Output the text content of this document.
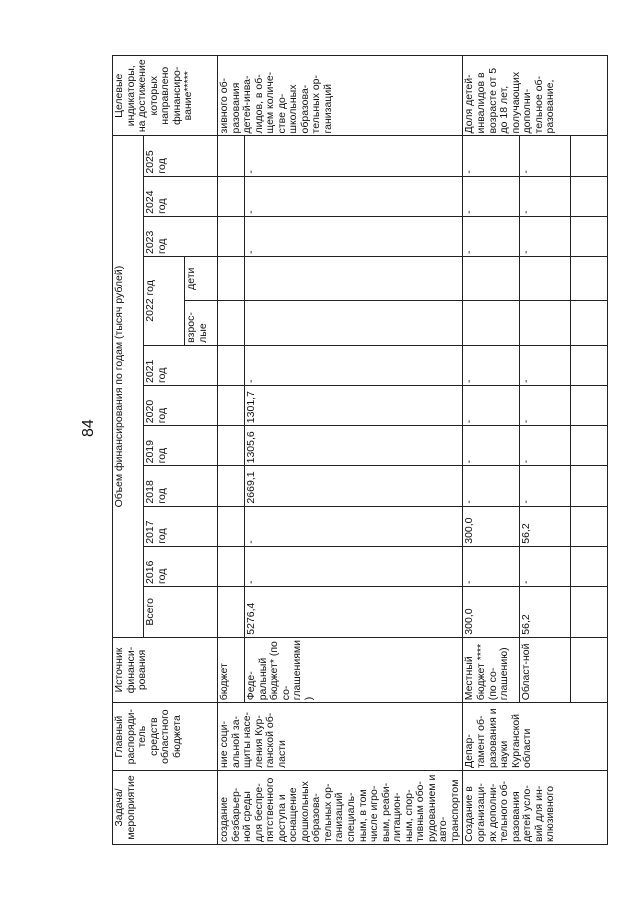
84
Задача/ мероприятие	Главный распоряди-тель средств областного бюджета	Источник финанси-рования	Объем финансирования по годам (тысяч рублей)												Целевые индикаторы, на достижение которых направлено финансиро-вание*****
			Всего	2016 год	2017 год	2018 год	2019 год	2020 год	2021 год	2022 год		2023 год	2024 год	2025 год	
										взрос-лые	дети				
создание безбарьер-ной среды для беспре-пятственного доступа и оснащение дошкольных образова-тельных ор-ганизаций специаль-ным, в том числе игро-вым, реаби-литацион-ным, спор-тивным обо-рудованием и авто-транспортом	ние соци-альной за-щиты насе-ления Кур-ганской об-ласти	бюджет													зивного об-разования детей-инва-лидов, в об-щем количе-стве до-школьных образова-тельных ор-ганизаций
		Феде-ральный бюджет* (по со-глашениями)	5276,4	-	-	2669,1	1305,6	1301,7	-			-	-	-	
Создание в организаци-ях дополни-тельного об-разования детей усло-вий для ин-клюзивного	Депар-тамент об-разования и науки Курганской области	Местный бюджет **** (по со-глашению)	300,0	-	300,0	-	-	-	-			-	-	-	Доля детей-инвалидов в возрасте от 5 до 18 лет, получающих дополни-тельное об-разование,
		Област-ной	56,2	-	56,2	-	-	-	-			-	-	-	
